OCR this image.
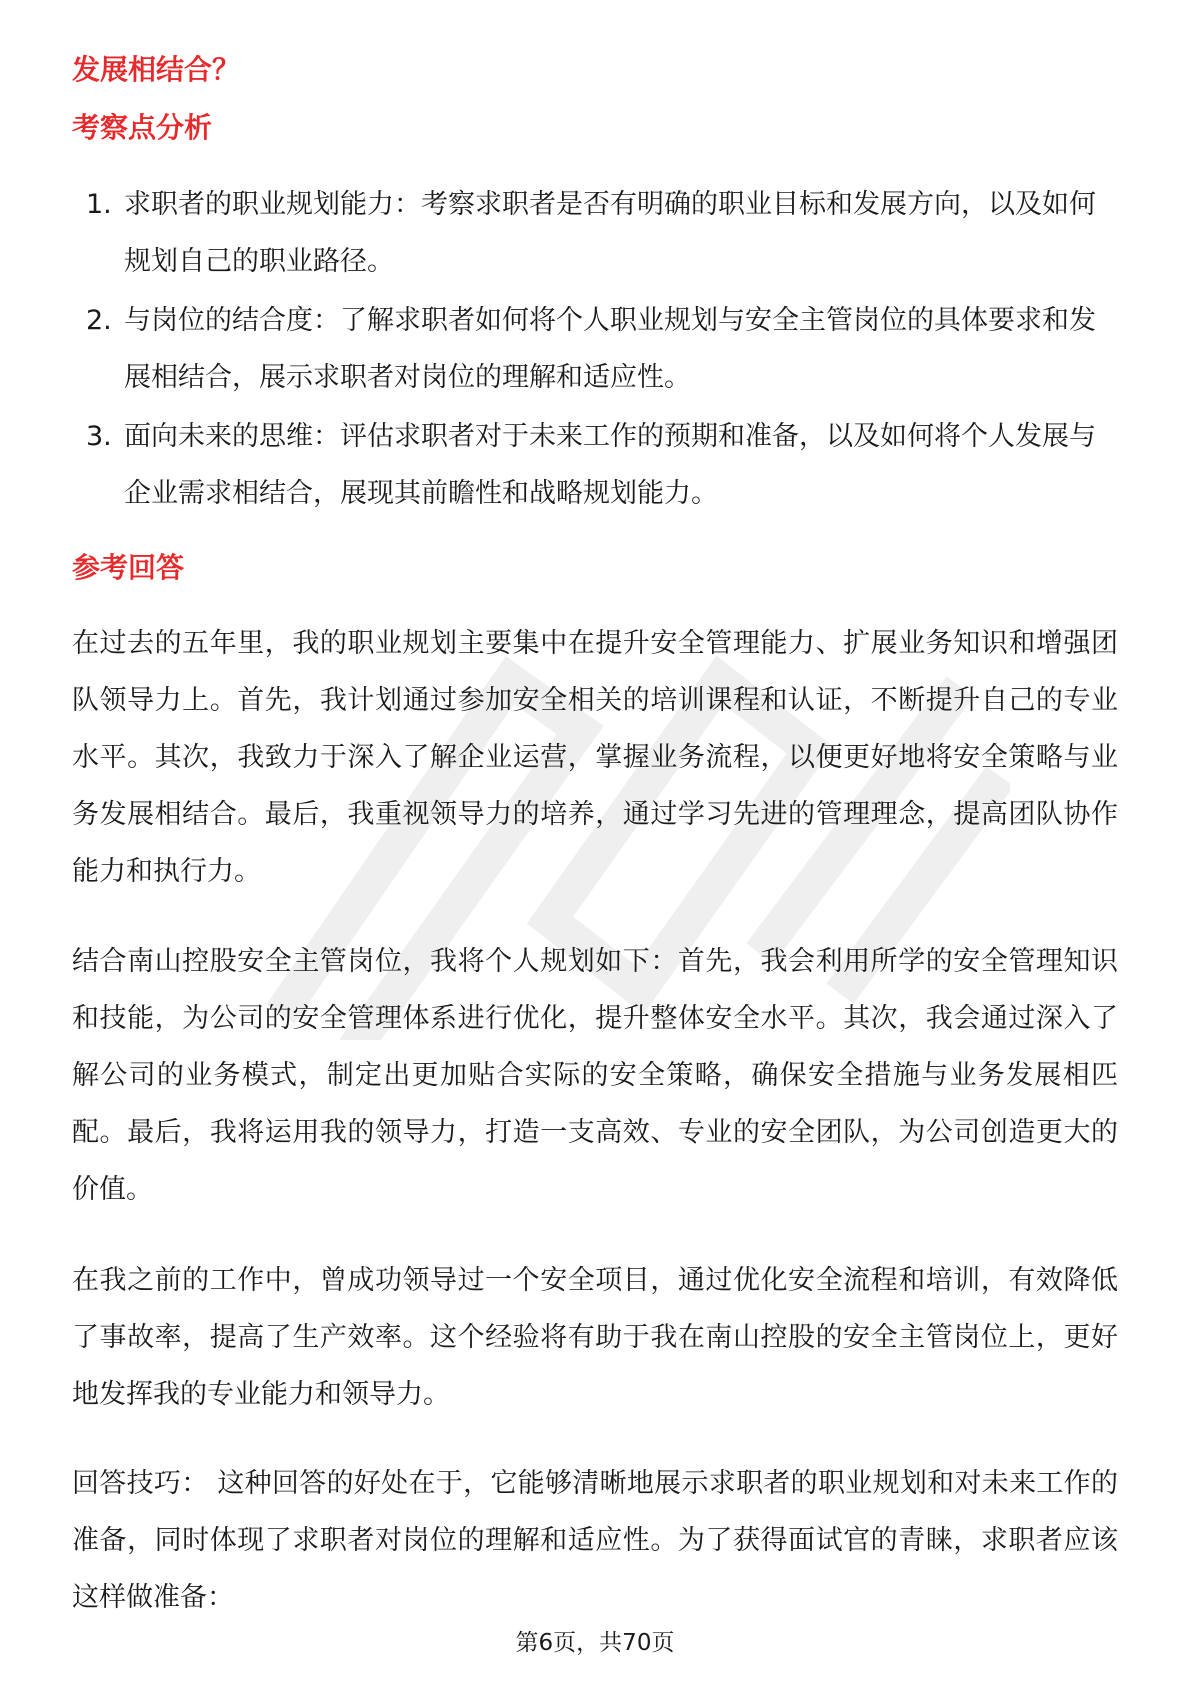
发展相结合？
考察点分析
1. 求职者的职业规划能力：考察求职者是否有明确的职业目标和发展方向，以及如何规划自己的职业路径。
2. 与岗位的结合度：了解求职者如何将个人职业规划与安全主管岗位的具体要求和发展相结合，展示求职者对岗位的理解和适应性。
3. 面向未来的思维：评估求职者对于未来工作的预期和准备，以及如何将个人发展与企业需求相结合，展现其前瞻性和战略规划能力。
参考回答

在过去的五年里，我的职业规划主要集中在提升安全管理能力、扩展业务知识和增强团队领导力上。首先，我计划通过参加安全相关的培训课程和认证，不断提升自己的专业水平。其次，我致力于深入了解企业运营，掌握业务流程，以便更好地将安全策略与业务发展相结合。最后，我重视领导力的培养，通过学习先进的管理理念，提高团队协作能力和执行力。

结合南山控股安全主管岗位，我将个人规划如下：首先，我会利用所学的安全管理知识和技能，为公司的安全管理体系进行优化，提升整体安全水平。其次，我会通过深入了解公司的业务模式，制定出更加贴合实际的安全策略，确保安全措施与业务发展相匹配。最后，我将运用我的领导力，打造一支高效、专业的安全团队，为公司创造更大的价值。

在我之前的工作中，曾成功领导过一个安全项目，通过优化安全流程和培训，有效降低了事故率，提高了生产效率。这个经验将有助于我在南山控股的安全主管岗位上，更好地发挥我的专业能力和领导力。

回答技巧： 这种回答的好处在于，它能够清晰地展示求职者的职业规划和对未来工作的准备，同时体现了求职者对岗位的理解和适应性。为了获得面试官的青睐，求职者应该这样做准备：

第6页，共70页
